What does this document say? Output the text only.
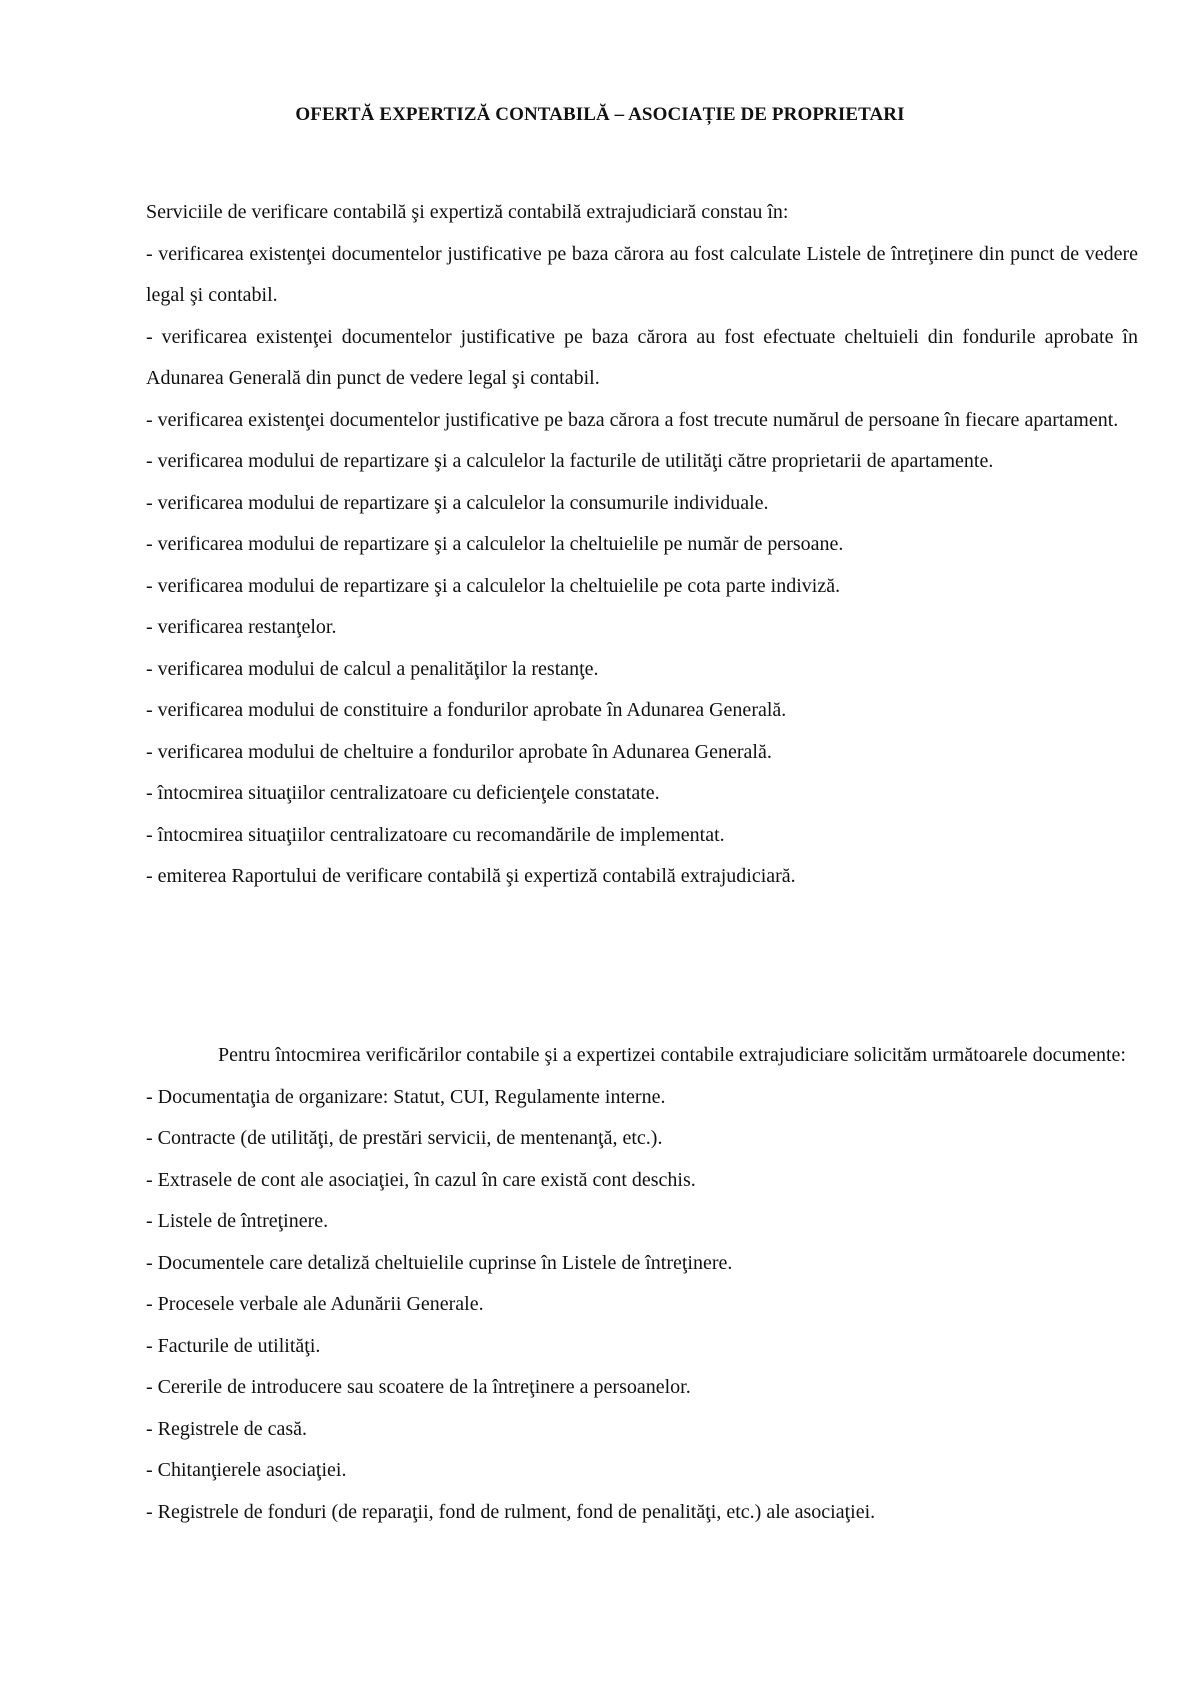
OFERTĂ EXPERTIZĂ CONTABILĂ – ASOCIAȚIE DE PROPRIETARI

Serviciile de verificare contabilă şi expertiză contabilă extrajudiciară constau în:

- verificarea existenţei documentelor justificative pe baza cărora au fost calculate Listele de întreţinere din punct de vedere legal şi contabil.

- verificarea existenţei documentelor justificative pe baza cărora au fost efectuate cheltuieli din fondurile aprobate în Adunarea Generală din punct de vedere legal şi contabil.

- verificarea existenţei documentelor justificative pe baza cărora a fost trecute numărul de persoane în fiecare apartament.

- verificarea modului de repartizare şi a calculelor la facturile de utilităţi către proprietarii de apartamente.

- verificarea modului de repartizare şi a calculelor la consumurile individuale.

- verificarea modului de repartizare şi a calculelor la cheltuielile pe număr de persoane.

- verificarea modului de repartizare şi a calculelor la cheltuielile pe cota parte indiviză.

- verificarea restanţelor.

- verificarea modului de calcul a penalităţilor la restanţe.

- verificarea modului de constituire a fondurilor aprobate în Adunarea Generală.

- verificarea modului de cheltuire a fondurilor aprobate în Adunarea Generală.

- întocmirea situaţiilor centralizatoare cu deficienţele constatate.

- întocmirea situaţiilor centralizatoare cu recomandările de implementat.

- emiterea Raportului de verificare contabilă şi expertiză contabilă extrajudiciară.

Pentru întocmirea verificărilor contabile şi a expertizei contabile extrajudiciare solicităm următoarele documente:

- Documentaţia de organizare: Statut, CUI, Regulamente interne.

- Contracte (de utilităţi, de prestări servicii, de mentenanţă, etc.).

- Extrasele de cont ale asociaţiei, în cazul în care există cont deschis.

- Listele de întreţinere.

- Documentele care detaliză cheltuielile cuprinse în Listele de întreţinere.

- Procesele verbale ale Adunării Generale.

- Facturile de utilităţi.

- Cererile de introducere sau scoatere de la întreţinere a persoanelor.

- Registrele de casă.

- Chitanţierele asociaţiei.

- Registrele de fonduri (de reparaţii, fond de rulment, fond de penalităţi, etc.) ale asociaţiei.
